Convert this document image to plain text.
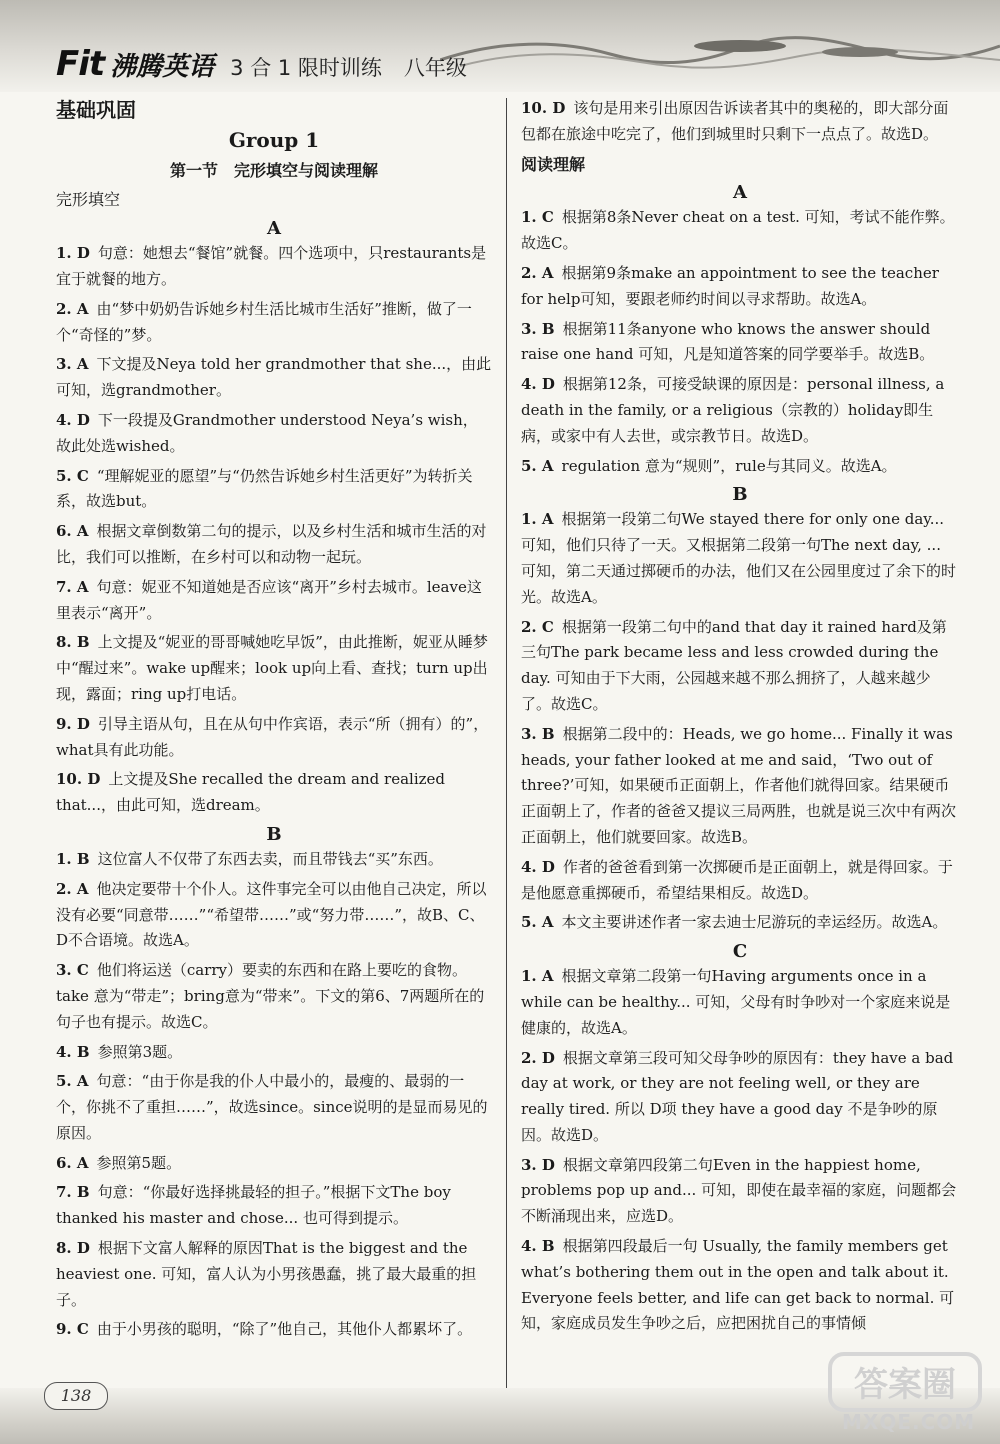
Fit 沸腾英语 3 合 1 限时训练 八年级
基础巩固
Group 1
第一节　完形填空与阅读理解
完形填空
A

1. D 句意：她想去“餐馆”就餐。四个选项中，只restaurants是宜于就餐的地方。

2. A 由“梦中奶奶告诉她乡村生活比城市生活好”推断，做了一个“奇怪的”梦。

3. A 下文提及Neya told her grandmother that she...，由此可知，选grandmother。

4. D 下一段提及Grandmother understood Neya’s wish，故此处选wished。

5. C “理解妮亚的愿望”与“仍然告诉她乡村生活更好”为转折关系，故选but。

6. A 根据文章倒数第二句的提示，以及乡村生活和城市生活的对比，我们可以推断，在乡村可以和动物一起玩。

7. A 句意：妮亚不知道她是否应该“离开”乡村去城市。leave这里表示“离开”。

8. B 上文提及“妮亚的哥哥喊她吃早饭”，由此推断，妮亚从睡梦中“醒过来”。wake up醒来；look up向上看、查找；turn up出现，露面；ring up打电话。

9. D 引导主语从句，且在从句中作宾语，表示“所（拥有）的”，what具有此功能。

10. D 上文提及She recalled the dream and realized that...，由此可知，选dream。

B

1. B 这位富人不仅带了东西去卖，而且带钱去“买”东西。

2. A 他决定要带十个仆人。这件事完全可以由他自己决定，所以没有必要“同意带……”“希望带……”或“努力带……”，故B、C、D不合语境。故选A。

3. C 他们将运送（carry）要卖的东西和在路上要吃的食物。take 意为“带走”；bring意为“带来”。下文的第6、7两题所在的句子也有提示。故选C。

4. B 参照第3题。

5. A 句意：“由于你是我的仆人中最小的，最瘦的、最弱的一个，你挑不了重担……”，故选since。since说明的是显而易见的原因。

6. A 参照第5题。

7. B 句意：“你最好选择挑最轻的担子。”根据下文The boy thanked his master and chose... 也可得到提示。

8. D 根据下文富人解释的原因That is the biggest and the heaviest one. 可知，富人认为小男孩愚蠢，挑了最大最重的担子。

9. C 由于小男孩的聪明，“除了”他自己，其他仆人都累坏了。

10. D 该句是用来引出原因告诉读者其中的奥秘的，即大部分面包都在旅途中吃完了，他们到城里时只剩下一点点了。故选D。

阅读理解
A

1. C 根据第8条Never cheat on a test. 可知，考试不能作弊。故选C。

2. A 根据第9条make an appointment to see the teacher for help可知，要跟老师约时间以寻求帮助。故选A。

3. B 根据第11条anyone who knows the answer should raise one hand 可知，凡是知道答案的同学要举手。故选B。

4. D 根据第12条，可接受缺课的原因是：personal illness, a death in the family, or a religious（宗教的）holiday即生病，或家中有人去世，或宗教节日。故选D。

5. A regulation 意为“规则”，rule与其同义。故选A。

B

1. A 根据第一段第二句We stayed there for only one day... 可知，他们只待了一天。又根据第二段第一句The next day, ... 可知，第二天通过掷硬币的办法，他们又在公园里度过了余下的时光。故选A。

2. C 根据第一段第二句中的and that day it rained hard及第三句The park became less and less crowded during the day. 可知由于下大雨，公园越来越不那么拥挤了，人越来越少了。故选C。

3. B 根据第二段中的：Heads, we go home... Finally it was heads, your father looked at me and said，‘Two out of three?’可知，如果硬币正面朝上，作者他们就得回家。结果硬币正面朝上了，作者的爸爸又提议三局两胜，也就是说三次中有两次正面朝上，他们就要回家。故选B。

4. D 作者的爸爸看到第一次掷硬币是正面朝上，就是得回家。于是他愿意重掷硬币，希望结果相反。故选D。

5. A 本文主要讲述作者一家去迪士尼游玩的幸运经历。故选A。

C

1. A 根据文章第二段第一句Having arguments once in a while can be healthy... 可知，父母有时争吵对一个家庭来说是健康的，故选A。

2. D 根据文章第三段可知父母争吵的原因有：they have a bad day at work, or they are not feeling well, or they are really tired. 所以 D项 they have a good day 不是争吵的原因。故选D。

3. D 根据文章第四段第二句Even in the happiest home, problems pop up and... 可知，即使在最幸福的家庭，问题都会不断涌现出来，应选D。

4. B 根据第四段最后一句 Usually, the family members get what’s bothering them out in the open and talk about it. Everyone feels better, and life can get back to normal. 可知，家庭成员发生争吵之后，应把困扰自己的事情倾

138	答案圈
MXQE.COM
